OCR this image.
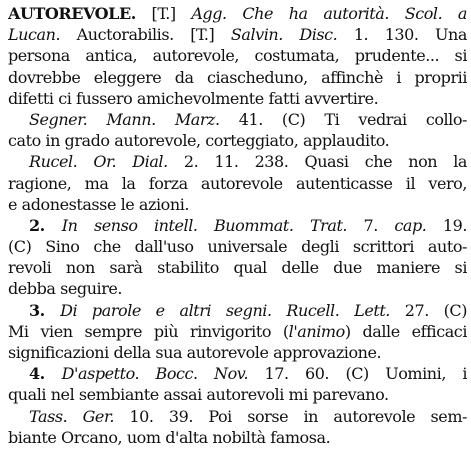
AUTOREVOLE. [T.] Agg. Che ha autorità. Scol. a
Lucan. Auctorabilis. [T.] Salvin. Disc. 1. 130. Una
persona antica, autorevole, costumata, prudente... si
dovrebbe eleggere da ciascheduno, affinchè i proprii
difetti ci fussero amichevolmente fatti avvertire.
Segner. Mann. Marz. 41. (C) Ti vedrai collo-
cato in grado autorevole, corteggiato, applaudito.
Rucel. Or. Dial. 2. 11. 238. Quasi che non la
ragione, ma la forza autorevole autenticasse il vero,
e adonestasse le azioni.
2. In senso intell. Buommat. Trat. 7. cap. 19.
(C) Sino che dall'uso universale degli scrittori auto-
revoli non sarà stabilito qual delle due maniere si
debba seguire.
3. Di parole e altri segni. Rucell. Lett. 27. (C)
Mi vien sempre più rinvigorito (l'animo) dalle efficaci
significazioni della sua autorevole approvazione.
4. D'aspetto. Bocc. Nov. 17. 60. (C) Uomini, i
quali nel sembiante assai autorevoli mi parevano.
Tass. Ger. 10. 39. Poi sorse in autorevole sem-
biante Orcano, uom d'alta nobiltà famosa.
